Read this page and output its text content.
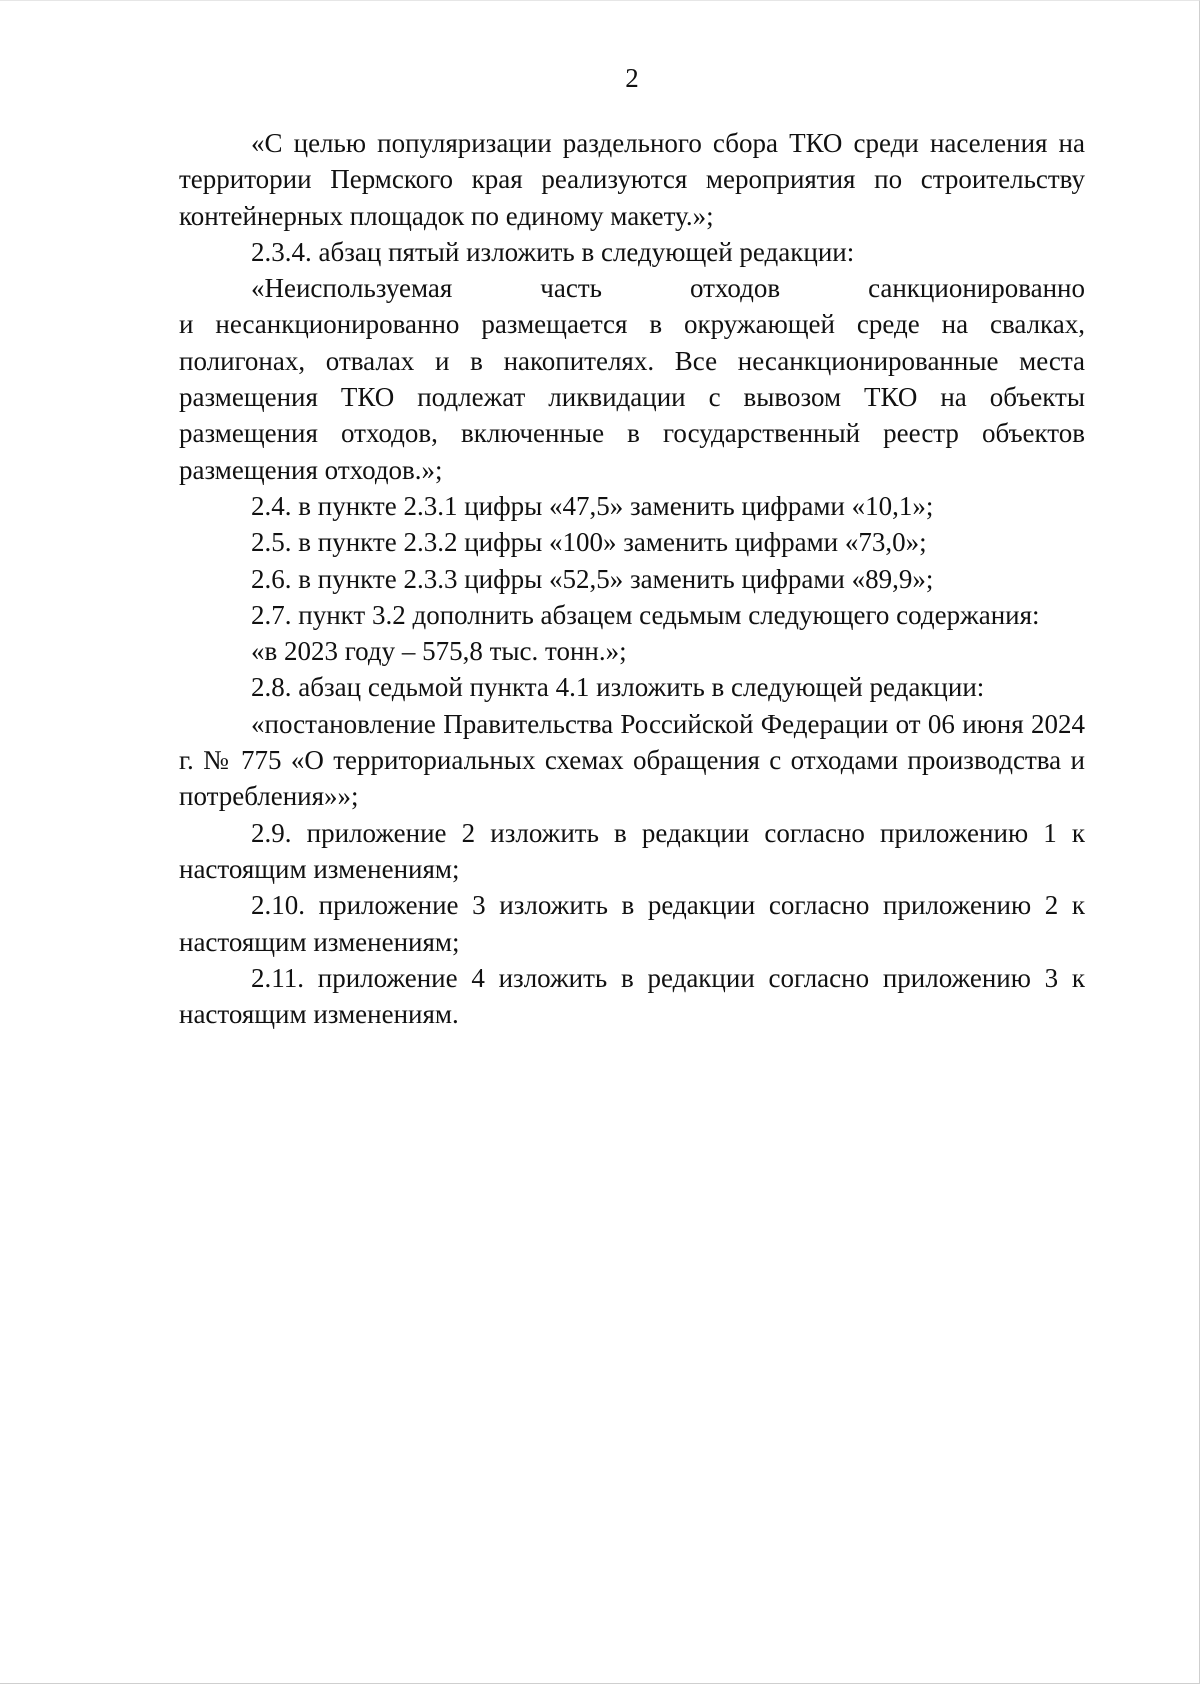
2

«С целью популяризации раздельного сбора ТКО среди населения на территории Пермского края реализуются мероприятия по строительству контейнерных площадок по единому макету.»;

2.3.4. абзац пятый изложить в следующей редакции:

«Неиспользуемая часть отходов санкционированно

и несанкционированно размещается в окружающей среде на свалках, полигонах, отвалах и в накопителях. Все несанкционированные места размещения ТКО подлежат ликвидации с вывозом ТКО на объекты размещения отходов, включенные в государственный реестр объектов размещения отходов.»;

2.4. в пункте 2.3.1 цифры «47,5» заменить цифрами «10,1»;

2.5. в пункте 2.3.2 цифры «100» заменить цифрами «73,0»;

2.6. в пункте 2.3.3 цифры «52,5» заменить цифрами «89,9»;

2.7. пункт 3.2 дополнить абзацем седьмым следующего содержания:

«в 2023 году – 575,8 тыс. тонн.»;

2.8. абзац седьмой пункта 4.1 изложить в следующей редакции:

«постановление Правительства Российской Федерации от 06 июня 2024 г. № 775 «О территориальных схемах обращения с отходами производства и потребления»»;

2.9. приложение 2 изложить в редакции согласно приложению 1 к настоящим изменениям;

2.10. приложение 3 изложить в редакции согласно приложению 2 к настоящим изменениям;

2.11. приложение 4 изложить в редакции согласно приложению 3 к настоящим изменениям.
